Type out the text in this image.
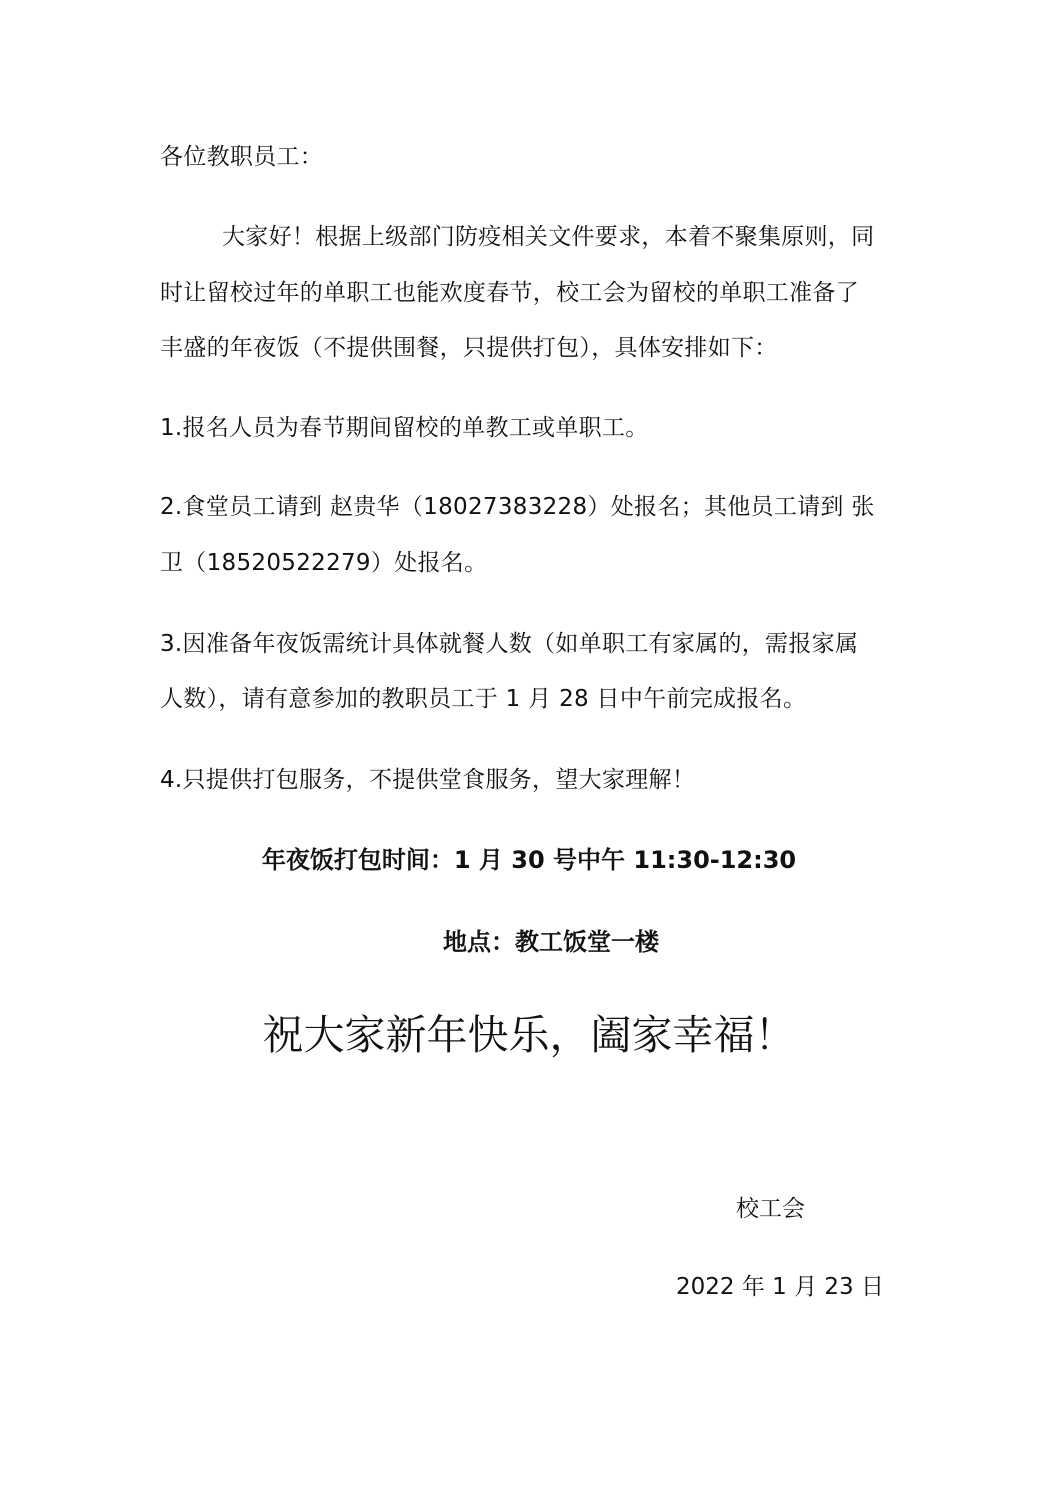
各位教职员工：
大家好！根据上级部门防疫相关文件要求，本着不聚集原则，同
时让留校过年的单职工也能欢度春节，校工会为留校的单职工准备了
丰盛的年夜饭（不提供围餐，只提供打包），具体安排如下：
1.报名人员为春节期间留校的单教工或单职工。
2.食堂员工请到 赵贵华（18027383228）处报名；其他员工请到 张
卫（18520522279）处报名。
3.因准备年夜饭需统计具体就餐人数（如单职工有家属的，需报家属
人数），请有意参加的教职员工于 1 月 28 日中午前完成报名。
4.只提供打包服务，不提供堂食服务，望大家理解！
年夜饭打包时间：1 月 30 号中午 11:30-12:30
地点：教工饭堂一楼
祝大家新年快乐，阖家幸福！
校工会
2022 年 1 月 23 日
